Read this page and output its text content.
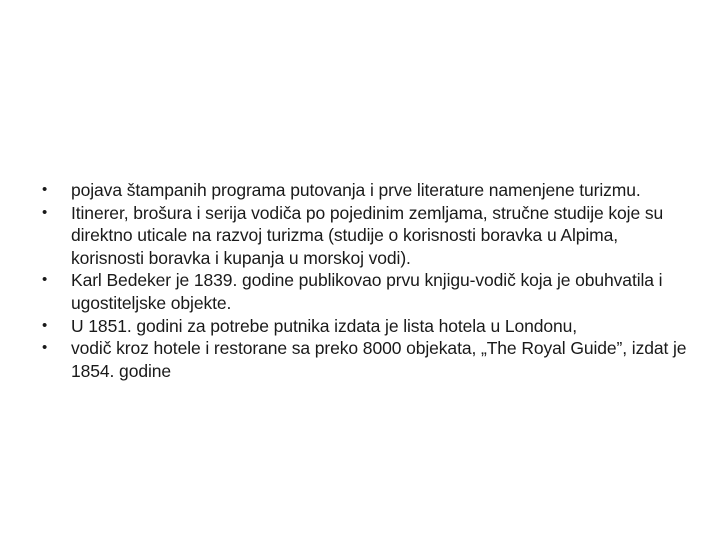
• pojava štampanih programa putovanja i prve literature namenjene turizmu.
• Itinerer, brošura i serija vodiča po pojedinim zemljama, stručne studije koje su direktno uticale na razvoj turizma (studije o korisnosti boravka u Alpima, korisnosti boravka i kupanja u morskoj vodi).
• Karl Bedeker je 1839. godine publikovao prvu knjigu-vodič koja je obuhvatila i ugostiteljske objekte.
• U 1851. godini za potrebe putnika izdata je lista hotela u Londonu,
• vodič kroz hotele i restorane sa preko 8000 objekata, „The Royal Guide”, izdat je 1854. godine
